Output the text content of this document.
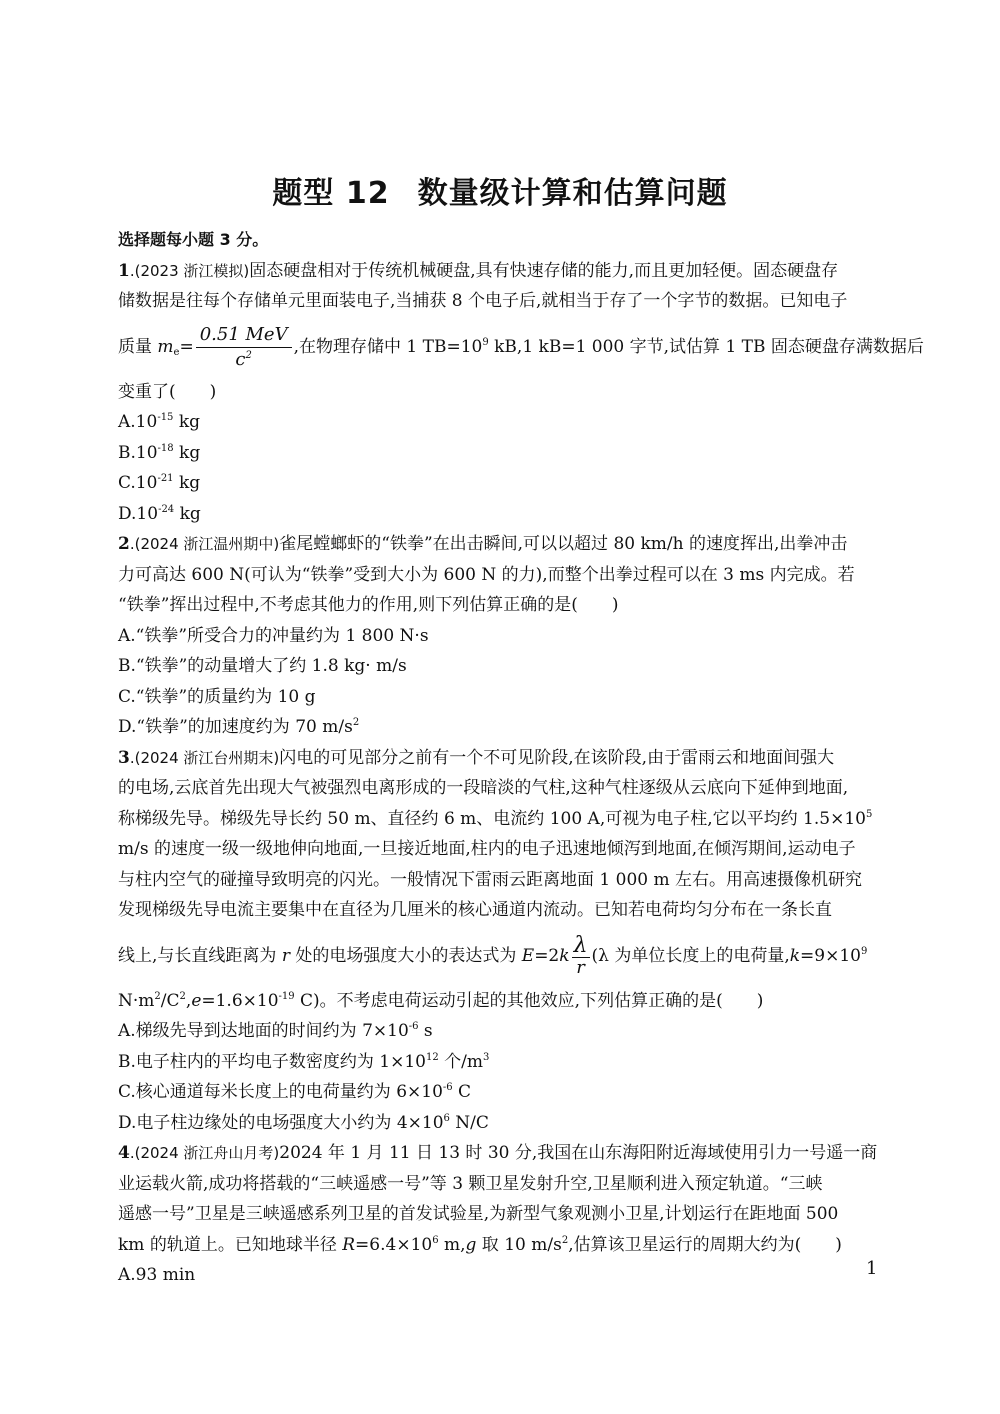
题型 12 数量级计算和估算问题
选择题每小题 3 分。
1.(2023 浙江模拟)固态硬盘相对于传统机械硬盘,具有快速存储的能力,而且更加轻便。固态硬盘存
储数据是往每个存储单元里面装电子,当捕获 8 个电子后,就相当于存了一个字节的数据。已知电子
质量 $m_e= \frac{\text{0.51 MeV}}{c^2}$ ,在物理存储中 1 $TB=10^9$ kB,1 kB=1 000 字节,试估算 1 TB 固态硬盘存满数据后
变重了(　　)
$A.10^{-15}$ kg
$B.10^{-18}$ kg
$C.10^{-21}$ kg
$D.10^{-24}$ kg
2.(2024 浙江温州期中)雀尾螳螂虾的“铁拳”在出击瞬间,可以以超过 80 km/h 的速度挥出,出拳冲击
力可高达 600 N(可认为“铁拳”受到大小为 600 N 的力),而整个出拳过程可以在 3 ms 内完成。若
“铁拳”挥出过程中,不考虑其他力的作用,则下列估算正确的是(　　)
A.“铁拳”所受合力的冲量约为 1 800 N·s
B.“铁拳”的动量增大了约 1.8 kg· m/s
C.“铁拳”的质量约为 10 g
D.“铁拳”的加速度约为 70 $m/s^2$
3.(2024 浙江台州期末)闪电的可见部分之前有一个不可见阶段,在该阶段,由于雷雨云和地面间强大
的电场,云底首先出现大气被强烈电离形成的一段暗淡的气柱,这种气柱逐级从云底向下延伸到地面,
称梯级先导。梯级先导长约 50 m、直径约 6 m、电流约 100 A,可视为电子柱,它以平均约 $1.5\times 10^5$
m/s 的速度一级一级地伸向地面,一旦接近地面,柱内的电子迅速地倾泻到地面,在倾泻期间,运动电子
与柱内空气的碰撞导致明亮的闪光。一般情况下雷雨云距离地面 1 000 m 左右。用高速摄像机研究
发现梯级先导电流主要集中在直径为几厘米的核心通道内流动。已知若电荷均匀分布在一条长直
线上,与长直线距离为 r 处的电场强度大小的表达式为 $E=2k \frac{\lambda}{r} (\lambda$ 为单位长度上的电荷量$,k=9\times 10^9$
$N\cdot m^2/C^2,e=1.6\times 10^{-19}$ C)。不考虑电荷运动引起的其他效应,下列估算正确的是(　　)
A.梯级先导到达地面的时间约为 $7\times 10^{-6}$ s
B.电子柱内的平均电子数密度约为 $1\times 10^{12}$ 个$/m^3$
C.核心通道每米长度上的电荷量约为 $6\times 10^{-6}$ C
D.电子柱边缘处的电场强度大小约为 $4\times 10^6$ N/C
4.(2024 浙江舟山月考)2024 年 1 月 11 日 13 时 30 分,我国在山东海阳附近海域使用引力一号遥一商
业运载火箭,成功将搭载的“三峡遥感一号”等 3 颗卫星发射升空,卫星顺利进入预定轨道。“三峡
遥感一号”卫星是三峡遥感系列卫星的首发试验星,为新型气象观测小卫星,计划运行在距地面 500
km 的轨道上。已知地球半径 $R=6.4\times 10^6$ m,g 取 10 $m/s^2$,估算该卫星运行的周期大约为(　　)
A.93 min	1
